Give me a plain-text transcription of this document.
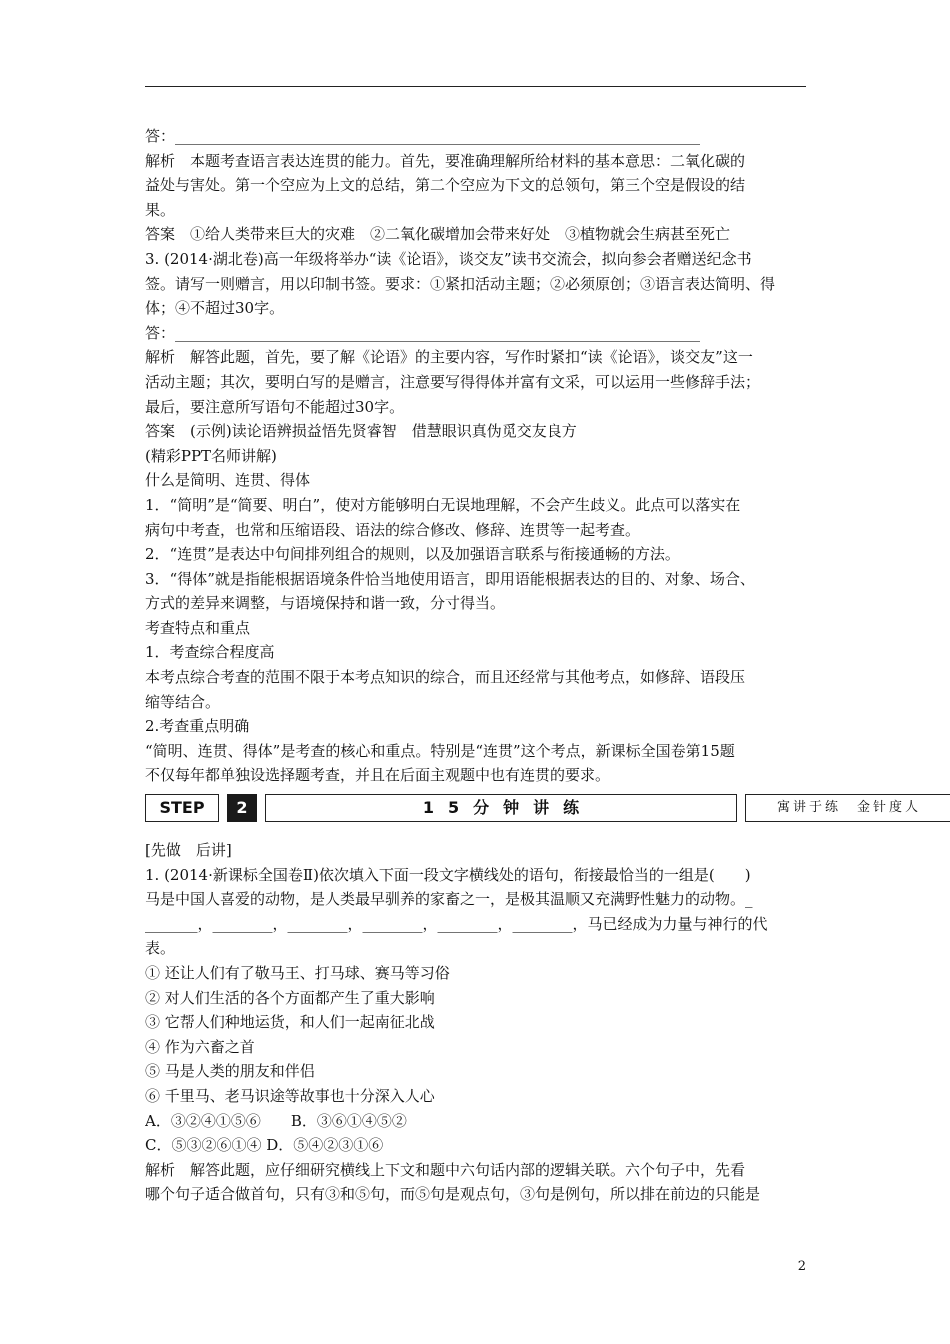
答：______________________________________________________________________
解析　本题考查语言表达连贯的能力。首先，要准确理解所给材料的基本意思：二氧化碳的
益处与害处。第一个空应为上文的总结，第二个空应为下文的总领句，第三个空是假设的结
果。
答案　①给人类带来巨大的灾难　②二氧化碳增加会带来好处　③植物就会生病甚至死亡
3. (2014·湖北卷)高一年级将举办“读《论语》，谈交友”读书交流会，拟向参会者赠送纪念书
签。请写一则赠言，用以印制书签。要求：①紧扣活动主题；②必须原创；③语言表达简明、得
体；④不超过30字。
答：______________________________________________________________________
解析　解答此题，首先，要了解《论语》的主要内容，写作时紧扣“读《论语》，谈交友”这一
活动主题；其次，要明白写的是赠言，注意要写得得体并富有文采，可以运用一些修辞手法；
最后，要注意所写语句不能超过30字。
答案　(示例)读论语辨损益悟先贤睿智　借慧眼识真伪觅交友良方
(精彩PPT名师讲解)
什么是简明、连贯、得体
1．“简明”是“简要、明白”，使对方能够明白无误地理解，不会产生歧义。此点可以落实在
病句中考查，也常和压缩语段、语法的综合修改、修辞、连贯等一起考查。
2．“连贯”是表达中句间排列组合的规则，以及加强语言联系与衔接通畅的方法。
3．“得体”就是指能根据语境条件恰当地使用语言，即用语能根据表达的目的、对象、场合、
方式的差异来调整，与语境保持和谐一致，分寸得当。
考查特点和重点
1．考查综合程度高
本考点综合考查的范围不限于本考点知识的综合，而且还经常与其他考点，如修辞、语段压
缩等结合。
2.考查重点明确
“简明、连贯、得体”是考查的核心和重点。特别是“连贯”这个考点，新课标全国卷第15题
不仅每年都单独设选择题考查，并且在后面主观题中也有连贯的要求。
STEP	2	15分钟讲练	寓讲于练　金针度人
[先做　后讲]
1. (2014·新课标全国卷Ⅱ)依次填入下面一段文字横线处的语句，衔接最恰当的一组是(　　)
马是中国人喜爱的动物，是人类最早驯养的家畜之一，是极其温顺又充满野性魅力的动物。_
_______，________，________，________，________，________，马已经成为力量与神行的代
表。
① 还让人们有了敬马王、打马球、赛马等习俗
② 对人们生活的各个方面都产生了重大影响
③ 它帮人们种地运货，和人们一起南征北战
④ 作为六畜之首
⑤ 马是人类的朋友和伴侣
⑥ 千里马、老马识途等故事也十分深入人心
A．③②④①⑤⑥　　B．③⑥①④⑤②
C．⑤③②⑥①④ D．⑤④②③①⑥
解析　解答此题，应仔细研究横线上下文和题中六句话内部的逻辑关联。六个句子中，先看
哪个句子适合做首句，只有③和⑤句，而⑤句是观点句，③句是例句，所以排在前边的只能是
2
